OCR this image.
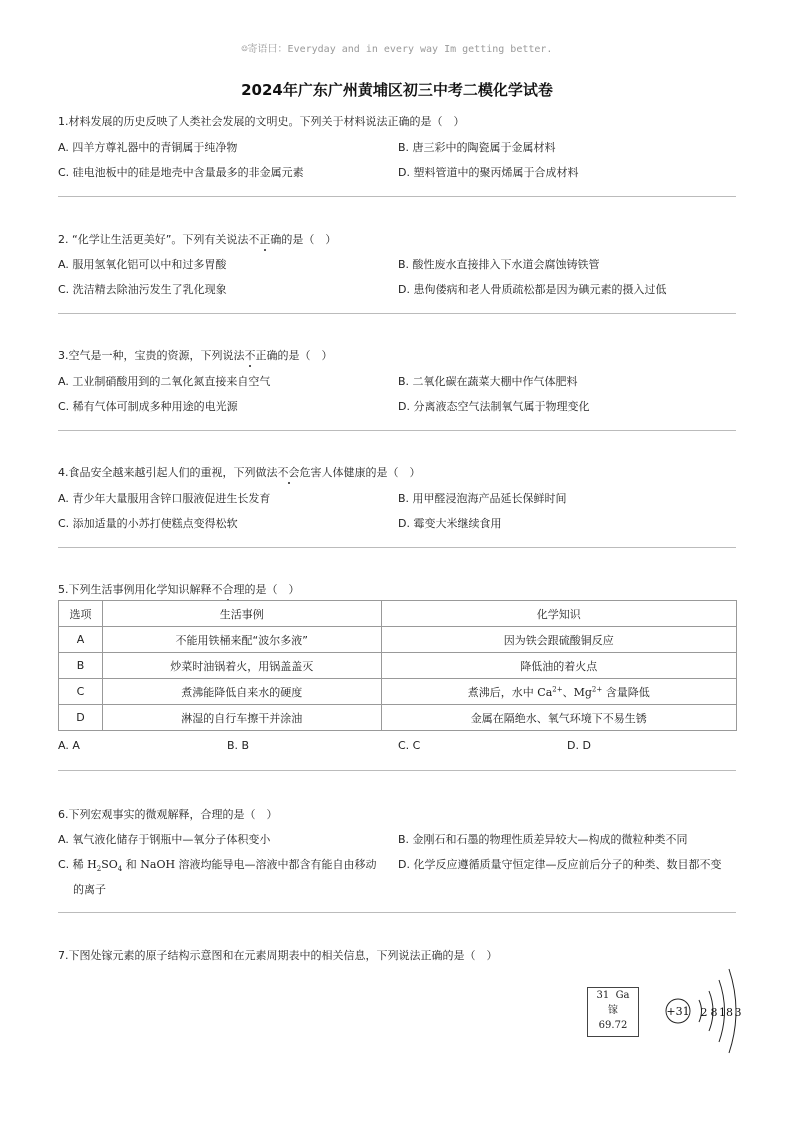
☺寄语曰：Everyday and in every way Im getting better.
2024年广东广州黄埔区初三中考二模化学试卷
1.材料发展的历史反映了人类社会发展的文明史。下列关于材料说法正确的是（　）
A. 四羊方尊礼器中的青铜属于纯净物	B. 唐三彩中的陶瓷属于金属材料
C. 硅电池板中的硅是地壳中含量最多的非金属元素	D. 塑料管道中的聚丙烯属于合成材料
2. “化学让生活更美好”。下列有关说法不正确的是（　）
A. 服用氢氧化铝可以中和过多胃酸	B. 酸性废水直接排入下水道会腐蚀铸铁管
C. 洗洁精去除油污发生了乳化现象	D. 患佝偻病和老人骨质疏松都是因为碘元素的摄入过低
3.空气是一种，宝贵的资源，下列说法不正确的是（　）
A. 工业制硝酸用到的二氧化氮直接来自空气	B. 二氧化碳在蔬菜大棚中作气体肥料
C. 稀有气体可制成多种用途的电光源	D. 分离液态空气法制氧气属于物理变化
4.食品安全越来越引起人们的重视，下列做法不会危害人体健康的是（　）
A. 青少年大量服用含锌口服液促进生长发育	B. 用甲醛浸泡海产品延长保鲜时间
C. 添加适量的小苏打使糕点变得松软	D. 霉变大米继续食用
5.下列生活事例用化学知识解释不合理的是（　）
选项	生活事例	化学知识
A	不能用铁桶来配“波尔多液”	因为铁会跟硫酸铜反应
B	炒菜时油锅着火，用锅盖盖灭	降低油的着火点
C	煮沸能降低自来水的硬度	煮沸后，水中 $Ca^{2+}$、$Mg^{2+}$ 含量降低
D	淋湿的自行车擦干并涂油	金属在隔绝水、氧气环境下不易生锈
A. A	B. B	C. C	D. D
6.下列宏观事实的微观解释，合理的是（　）
A. 氧气液化储存于钢瓶中—氧分子体积变小	B. 金刚石和石墨的物理性质差异较大—构成的微粒种类不同
C. 稀 $H_2SO_4$ 和 NaOH 溶液均能导电—溶液中都含有能自由移动
的离子
D. 化学反应遵循质量守恒定律—反应前后分子的种类、数目都不变
7.下图处镓元素的原子结构示意图和在元素周期表中的相关信息，下列说法正确的是（　）
31 Ga
镓
69.72
+31 2 8 18 3
